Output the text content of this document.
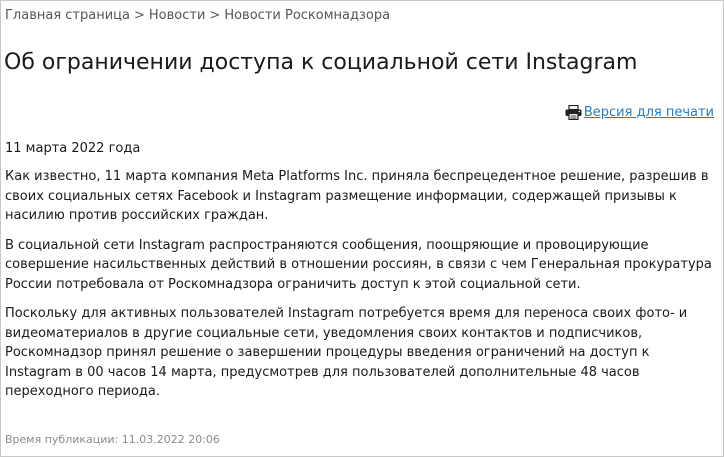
Главная страница > Новости > Новости Роскомнадзора
Об ограничении доступа к социальной сети Instagram
Версия для печати
11 марта 2022 года

Как известно, 11 марта компания Meta Platforms Inc. приняла беспрецедентное решение, разрешив в своих социальных сетях Facebook и Instagram размещение информации, содержащей призывы к насилию против российских граждан.

В социальной сети Instagram распространяются сообщения, поощряющие и провоцирующие совершение насильственных действий в отношении россиян, в связи с чем Генеральная прокуратура России потребовала от Роскомнадзора ограничить доступ к этой социальной сети.

Поскольку для активных пользователей Instagram потребуется время для переноса своих фото- и видеоматериалов в другие социальные сети, уведомления своих контактов и подписчиков, Роскомнадзор принял решение о завершении процедуры введения ограничений на доступ к Instagram в 00 часов 14 марта, предусмотрев для пользователей дополнительные 48 часов переходного периода.

Время публикации: 11.03.2022 20:06
